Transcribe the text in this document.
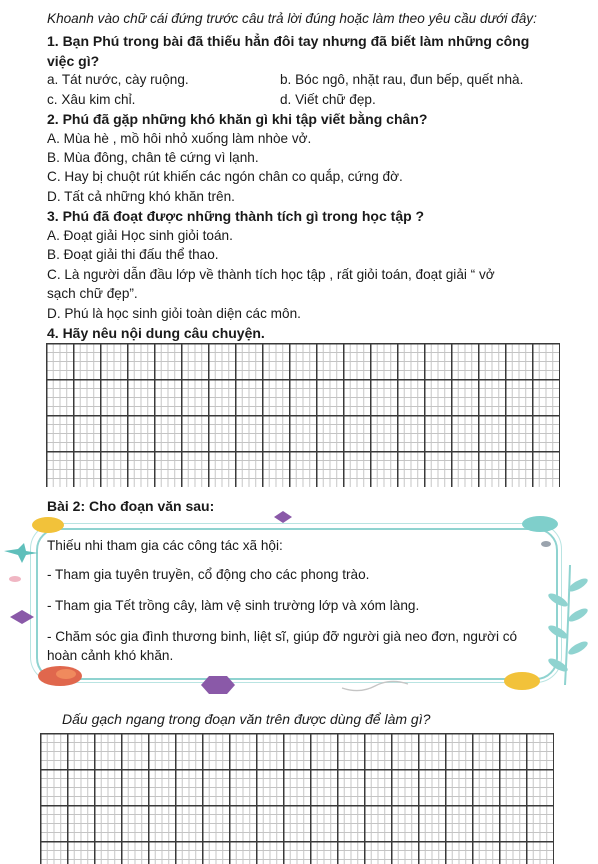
Khoanh vào chữ cái đứng trước câu trả lời đúng hoặc làm theo yêu cầu dưới đây:
1. Bạn Phú trong bài đã thiếu hẳn đôi tay nhưng đã biết làm những công
việc gì?
a. Tát nước, cày ruộng.	b. Bóc ngô, nhặt rau, đun bếp, quết nhà.
c. Xâu kim chỉ.	d. Viết chữ đẹp.
2. Phú đã gặp những khó khăn gì khi tập viết bằng chân?
A. Mùa hè , mồ hôi nhỏ xuống làm nhòe vở.
B. Mùa đông, chân tê cứng vì lạnh.
C. Hay bị chuột rút khiến các ngón chân co quắp, cứng đờ.
D. Tất cả những khó khăn trên.
3. Phú đã đoạt được những thành tích gì trong học tập ?
A. Đoạt giải Học sinh giỏi toán.
B. Đoạt giải thi đấu thể thao.
C. Là người dẫn đầu lớp về thành tích học tập , rất giỏi toán, đoạt giải “ vở
sạch chữ đẹp”.
D. Phú là học sinh giỏi toàn diện các môn.
4. Hãy nêu nội dung câu chuyện.
Bài 2: Cho đoạn văn sau:
Thiếu nhi tham gia các công tác xã hội:
- Tham gia tuyên truyền, cổ động cho các phong trào.
- Tham gia Tết trồng cây, làm vệ sinh trường lớp và xóm làng.
- Chăm sóc gia đình thương binh, liệt sĩ, giúp đỡ người già neo đơn, người có
hoàn cảnh khó khăn.
Dấu gạch ngang trong đoạn văn trên được dùng để làm gì?
